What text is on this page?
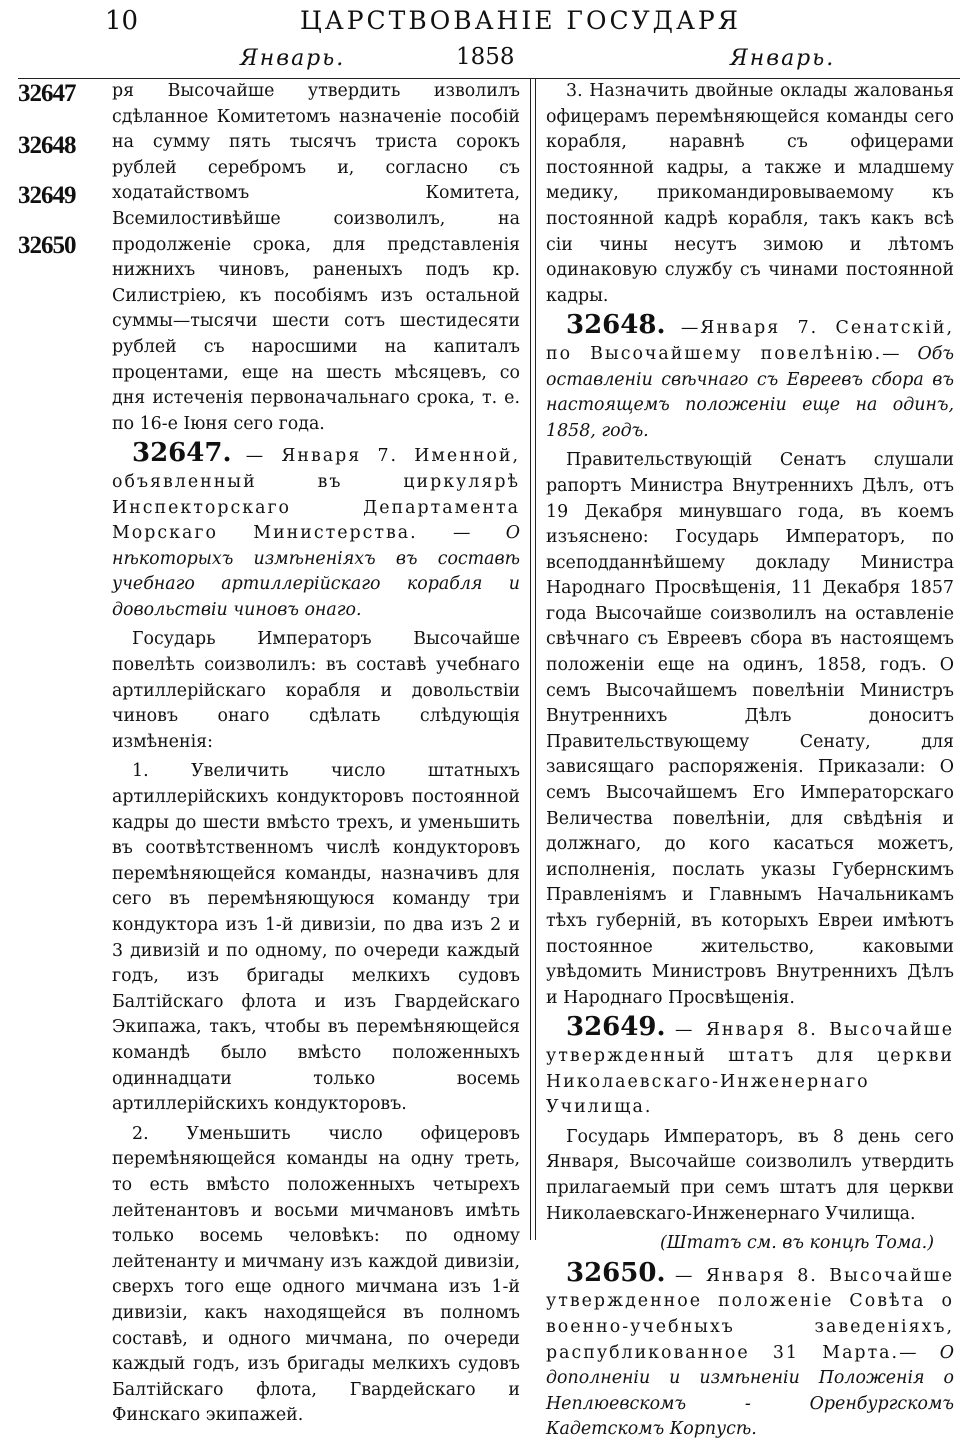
10	ЦАРСТВОВАНІЕ ГОСУДАРЯ
Январь.	1858	Январь.
32647
32648
32649
32650

ря Высочайше утвердить изволилъ сдѣланное Комитетомъ назначеніе пособій на сумму пять тысячъ триста сорокъ рублей серебромъ и, согласно съ ходатайствомъ Комитета, Всемилостивѣйше соизволилъ, на продолженіе срока, для представленія нижнихъ чиновъ, раненыхъ подъ кр. Силистріею, къ пособіямъ изъ остальной суммы—тысячи шести сотъ шестидесяти рублей съ наросшими на капиталъ процентами, еще на шесть мѣсяцевъ, со дня истеченія первоначальнаго срока, т. е. по 16-е Іюня сего года.

32647. — Января 7. Именной, объявленный въ циркулярѣ Инспекторскаго Департамента Морскаго Министерства. — О нѣкоторыхъ измѣненіяхъ въ составѣ учебнаго артиллерійскаго корабля и довольствіи чиновъ онаго.

Государь Императоръ Высочайше повелѣть соизволилъ: въ составѣ учебнаго артиллерійскаго корабля и довольствіи чиновъ онаго сдѣлать слѣдующія измѣненія:

1. Увеличить число штатныхъ артиллерійскихъ кондукторовъ постоянной кадры до шести вмѣсто трехъ, и уменьшить въ соотвѣтственномъ числѣ кондукторовъ перемѣняющейся команды, назначивъ для сего въ перемѣняющуюся команду три кондуктора изъ 1-й дивизіи, по два изъ 2 и 3 дивизій и по одному, по очереди каждый годъ, изъ бригады мелкихъ судовъ Балтійскаго флота и изъ Гвардейскаго Экипажа, такъ, чтобы въ перемѣняющейся командѣ было вмѣсто положенныхъ одиннадцати только восемь артиллерійскихъ кондукторовъ.

2. Уменьшить число офицеровъ перемѣняющейся команды на одну треть, то есть вмѣсто положенныхъ четырехъ лейтенантовъ и восьми мичмановъ имѣть только восемь человѣкъ: по одному лейтенанту и мичману изъ каждой дивизіи, сверхъ того еще одного мичмана изъ 1-й дивизіи, какъ находящейся въ полномъ составѣ, и одного мичмана, по очереди каждый годъ, изъ бригады мелкихъ судовъ Балтійскаго флота, Гвардейскаго и Финскаго экипажей.

3. Назначить двойные оклады жалованья офицерамъ перемѣняющейся команды сего корабля, наравнѣ съ офицерами постоянной кадры, а также и младшему медику, прикомандировываемому къ постоянной кадрѣ корабля, такъ какъ всѣ сіи чины несутъ зимою и лѣтомъ одинаковую службу съ чинами постоянной кадры.

32648. —Января 7. Сенатскій, по Высочайшему повелѣнію.— Объ оставленіи свѣчнаго съ Евреевъ сбора въ настоящемъ положеніи еще на одинъ, 1858, годъ.

Правительствующій Сенатъ слушали рапортъ Министра Внутреннихъ Дѣлъ, отъ 19 Декабря минувшаго года, въ коемъ изъяснено: Государь Императоръ, по всеподданнѣйшему докладу Министра Народнаго Просвѣщенія, 11 Декабря 1857 года Высочайше соизволилъ на оставленіе свѣчнаго съ Евреевъ сбора въ настоящемъ положеніи еще на одинъ, 1858, годъ. О семъ Высочайшемъ повелѣніи Министръ Внутреннихъ Дѣлъ доноситъ Правительствующему Сенату, для зависящаго распоряженія. Приказали: О семъ Высочайшемъ Его Императорскаго Величества повелѣніи, для свѣдѣнія и должнаго, до кого касаться можетъ, исполненія, послать указы Губернскимъ Правленіямъ и Главнымъ Начальникамъ тѣхъ губерній, въ которыхъ Евреи имѣютъ постоянное жительство, каковыми увѣдомить Министровъ Внутреннихъ Дѣлъ и Народнаго Просвѣщенія.

32649. — Января 8. Высочайше утвержденный штатъ для церкви Николаевскаго-Инженернаго Училища.

Государь Императоръ, въ 8 день сего Января, Высочайше соизволилъ утвердить прилагаемый при семъ штатъ для церкви Николаевскаго-Инженернаго Училища.

(Штатъ см. въ концѣ Тома.)

32650. — Января 8. Высочайше утвержденное положеніе Совѣта о военно-учебныхъ заведеніяхъ, распубликованное 31 Марта.— О дополненіи и измѣненіи Положенія о Неплюевскомъ - Оренбургскомъ Кадетскомъ Корпусѣ.
